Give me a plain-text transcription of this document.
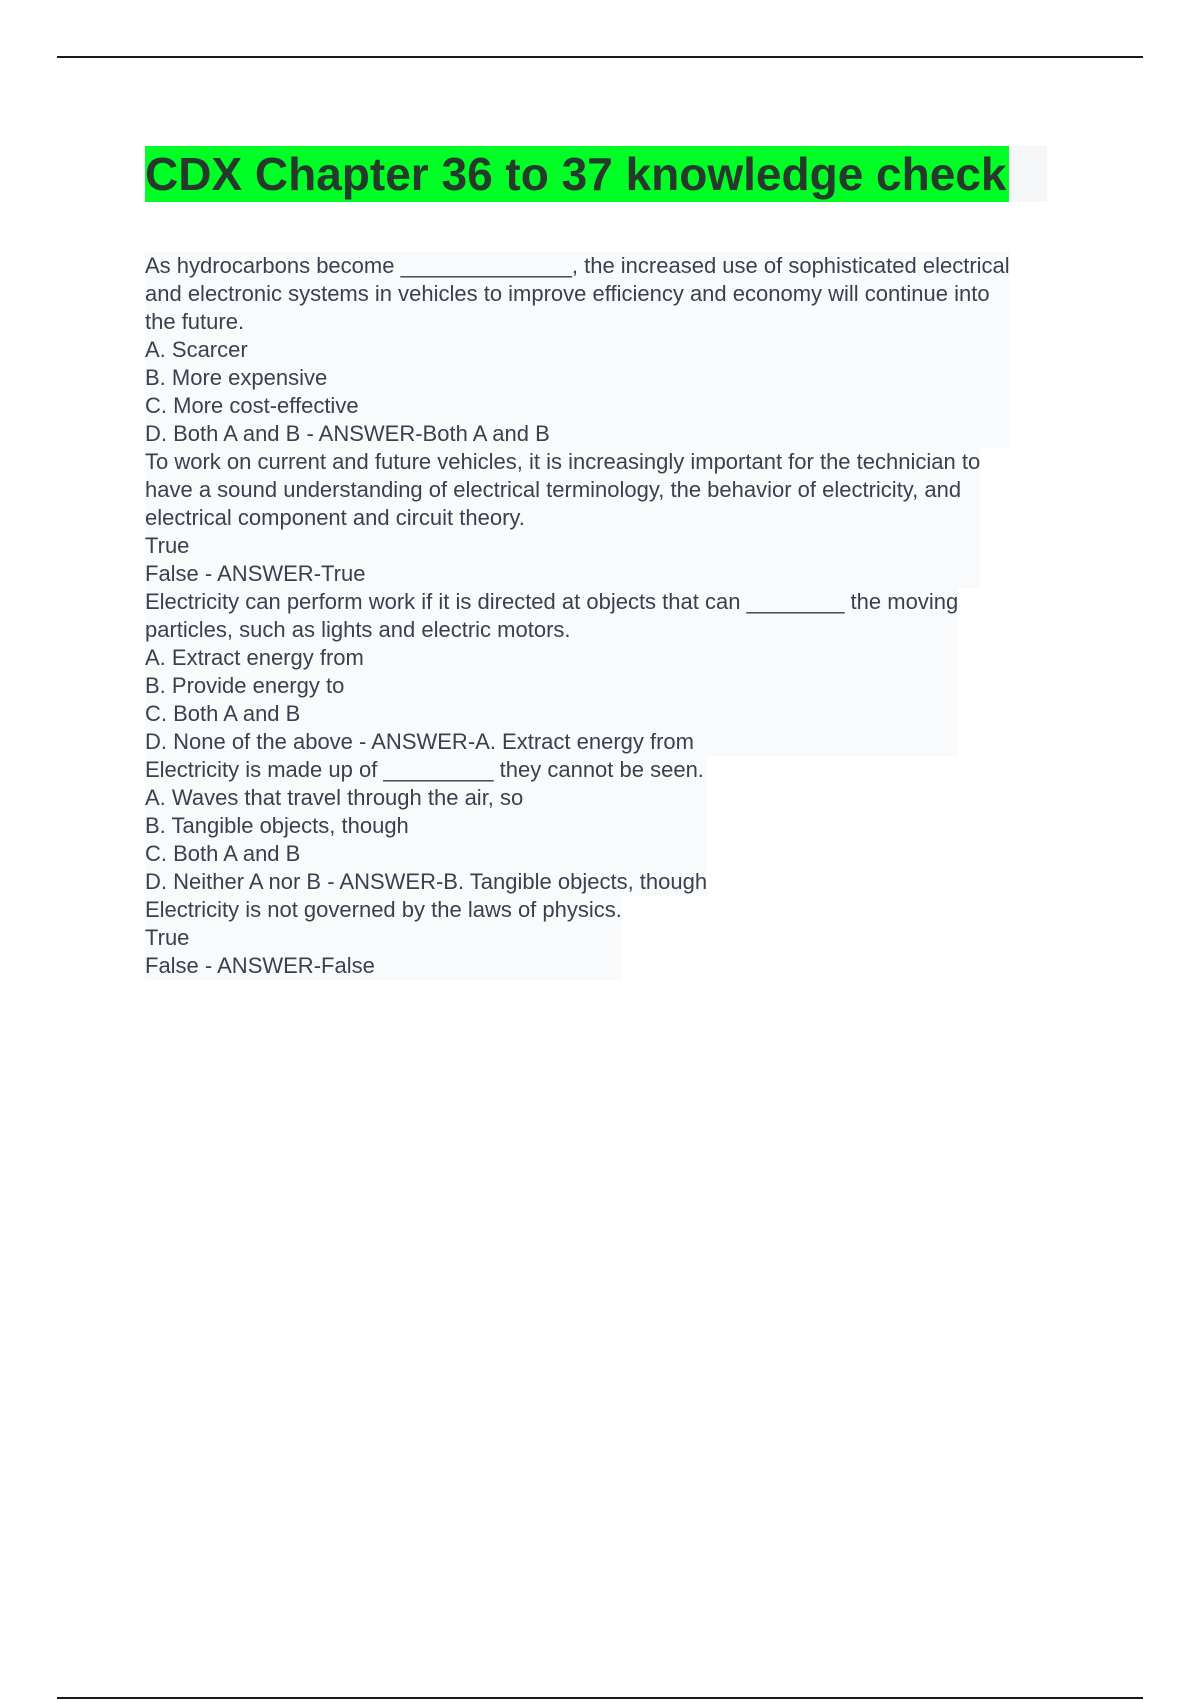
CDX Chapter 36 to 37 knowledge check
As hydrocarbons become ______________, the increased use of sophisticated electrical
and electronic systems in vehicles to improve efficiency and economy will continue into
the future.
A. Scarcer
B. More expensive
C. More cost-effective
D. Both A and B - ANSWER-Both A and B
To work on current and future vehicles, it is increasingly important for the technician to
have a sound understanding of electrical terminology, the behavior of electricity, and
electrical component and circuit theory.
True
False - ANSWER-True
Electricity can perform work if it is directed at objects that can ________ the moving
particles, such as lights and electric motors.
A. Extract energy from
B. Provide energy to
C. Both A and B
D. None of the above - ANSWER-A. Extract energy from
Electricity is made up of _________ they cannot be seen.
A. Waves that travel through the air, so
B. Tangible objects, though
C. Both A and B
D. Neither A nor B - ANSWER-B. Tangible objects, though
Electricity is not governed by the laws of physics.
True
False - ANSWER-False
